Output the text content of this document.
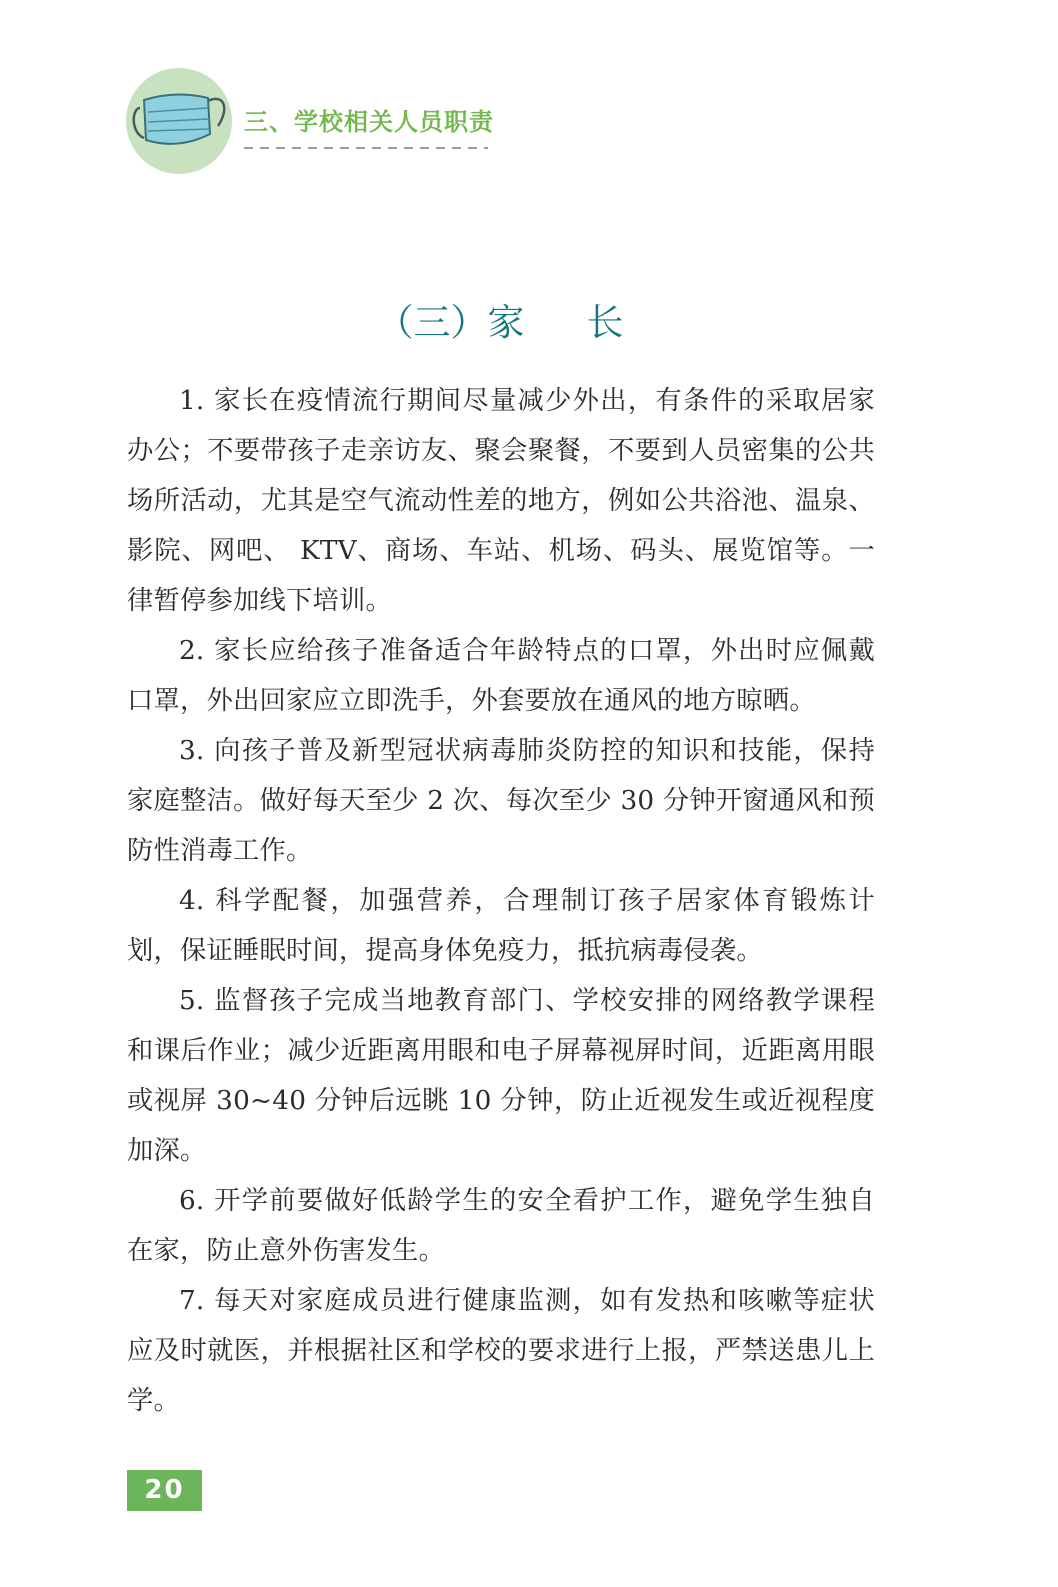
三、学校相关人员职责
（三）家 长

1. 家长在疫情流行期间尽量减少外出，有条件的采取居家办公；不要带孩子走亲访友、聚会聚餐，不要到人员密集的公共场所活动，尤其是空气流动性差的地方，例如公共浴池、温泉、影院、网吧、 KTV、商场、车站、机场、码头、展览馆等。一律暂停参加线下培训。

2. 家长应给孩子准备适合年龄特点的口罩，外出时应佩戴口罩，外出回家应立即洗手，外套要放在通风的地方晾晒。

3. 向孩子普及新型冠状病毒肺炎防控的知识和技能，保持家庭整洁。做好每天至少 2 次、每次至少 30 分钟开窗通风和预防性消毒工作。

4. 科学配餐，加强营养，合理制订孩子居家体育锻炼计划，保证睡眠时间，提高身体免疫力，抵抗病毒侵袭。

5. 监督孩子完成当地教育部门、学校安排的网络教学课程和课后作业；减少近距离用眼和电子屏幕视屏时间，近距离用眼或视屏 30~40 分钟后远眺 10 分钟，防止近视发生或近视程度加深。

6. 开学前要做好低龄学生的安全看护工作，避免学生独自在家，防止意外伤害发生。

7. 每天对家庭成员进行健康监测，如有发热和咳嗽等症状应及时就医，并根据社区和学校的要求进行上报，严禁送患儿上学。

20
